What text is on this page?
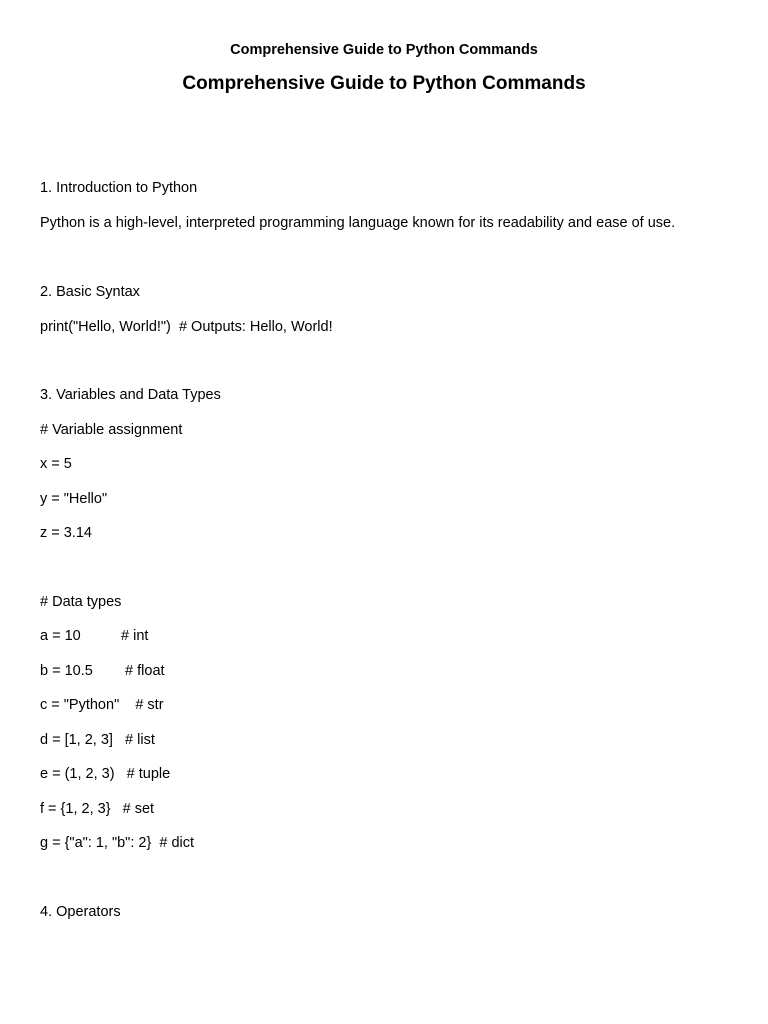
Comprehensive Guide to Python Commands
Comprehensive Guide to Python Commands
1. Introduction to Python
Python is a high-level, interpreted programming language known for its readability and ease of use.
2. Basic Syntax
print("Hello, World!")  # Outputs: Hello, World!
3. Variables and Data Types
# Variable assignment
x = 5
y = "Hello"
z = 3.14
# Data types
a = 10          # int
b = 10.5        # float
c = "Python"    # str
d = [1, 2, 3]   # list
e = (1, 2, 3)   # tuple
f = {1, 2, 3}   # set
g = {"a": 1, "b": 2}  # dict
4. Operators
